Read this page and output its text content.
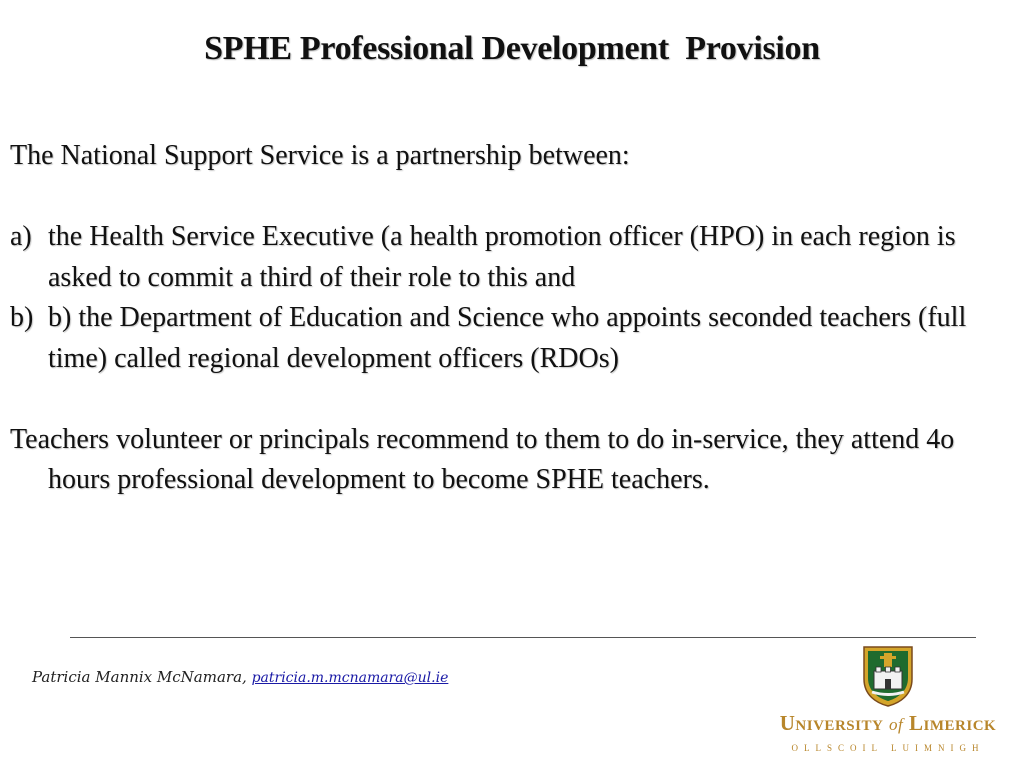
SPHE Professional Development  Provision

The National Support Service is a partnership between:

a) the Health Service Executive (a health promotion officer (HPO) in each region is asked to commit a third of their role to this and

b) b) the Department of Education and Science who appoints seconded teachers (full time) called regional development officers (RDOs)

Teachers volunteer or principals recommend to them to do in-service, they attend 4o hours professional development to become SPHE teachers.

Patricia Mannix McNamara, patricia.m.mcnamara@ul.ie
University of Limerick
OLLSCOIL LUIMNIGH
